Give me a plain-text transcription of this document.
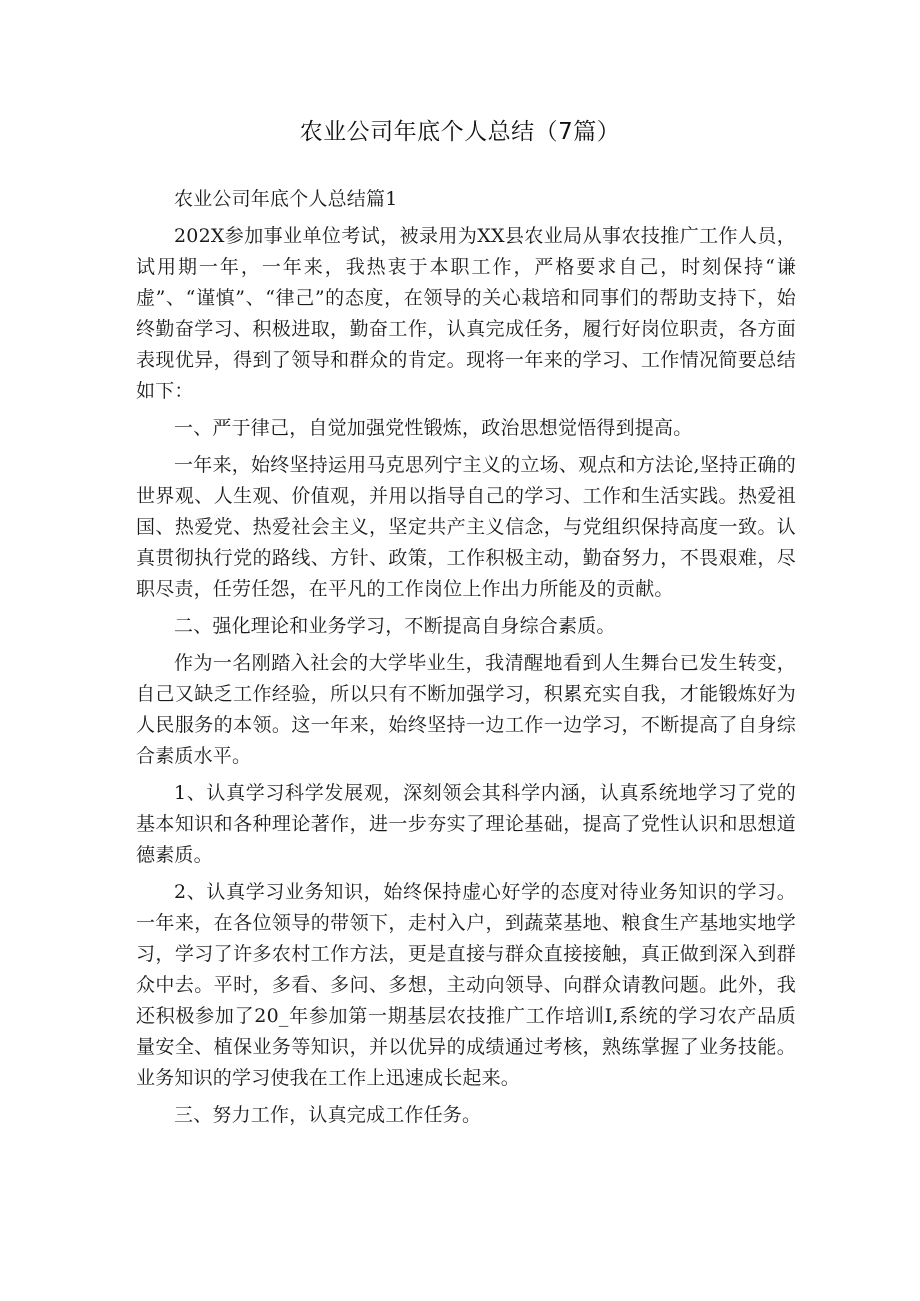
农业公司年底个人总结（7篇）

农业公司年底个人总结篇1

202X参加事业单位考试，被录用为XX县农业局从事农技推广工作人员，试用期一年，一年来，我热衷于本职工作，严格要求自己，时刻保持“谦虚”、“谨慎”、“律己”的态度，在领导的关心栽培和同事们的帮助支持下，始终勤奋学习、积极进取，勤奋工作，认真完成任务，履行好岗位职责，各方面表现优异，得到了领导和群众的肯定。现将一年来的学习、工作情况简要总结如下：

一、严于律己，自觉加强党性锻炼，政治思想觉悟得到提高。

一年来，始终坚持运用马克思列宁主义的立场、观点和方法论,坚持正确的世界观、人生观、价值观，并用以指导自己的学习、工作和生活实践。热爱祖国、热爱党、热爱社会主义，坚定共产主义信念，与党组织保持高度一致。认真贯彻执行党的路线、方针、政策，工作积极主动，勤奋努力，不畏艰难，尽职尽责，任劳任怨，在平凡的工作岗位上作出力所能及的贡献。

二、强化理论和业务学习，不断提高自身综合素质。

作为一名刚踏入社会的大学毕业生，我清醒地看到人生舞台已发生转变，自己又缺乏工作经验，所以只有不断加强学习，积累充实自我，才能锻炼好为人民服务的本领。这一年来，始终坚持一边工作一边学习，不断提高了自身综合素质水平。

1、认真学习科学发展观，深刻领会其科学内涵，认真系统地学习了党的基本知识和各种理论著作，进一步夯实了理论基础，提高了党性认识和思想道德素质。

2、认真学习业务知识，始终保持虚心好学的态度对待业务知识的学习。一年来，在各位领导的带领下，走村入户，到蔬菜基地、粮食生产基地实地学习，学习了许多农村工作方法，更是直接与群众直接接触，真正做到深入到群众中去。平时，多看、多问、多想，主动向领导、向群众请教问题。此外，我还积极参加了20_年参加第一期基层农技推广工作培训I,系统的学习农产品质量安全、植保业务等知识，并以优异的成绩通过考核，熟练掌握了业务技能。业务知识的学习使我在工作上迅速成长起来。

三、努力工作，认真完成工作任务。
